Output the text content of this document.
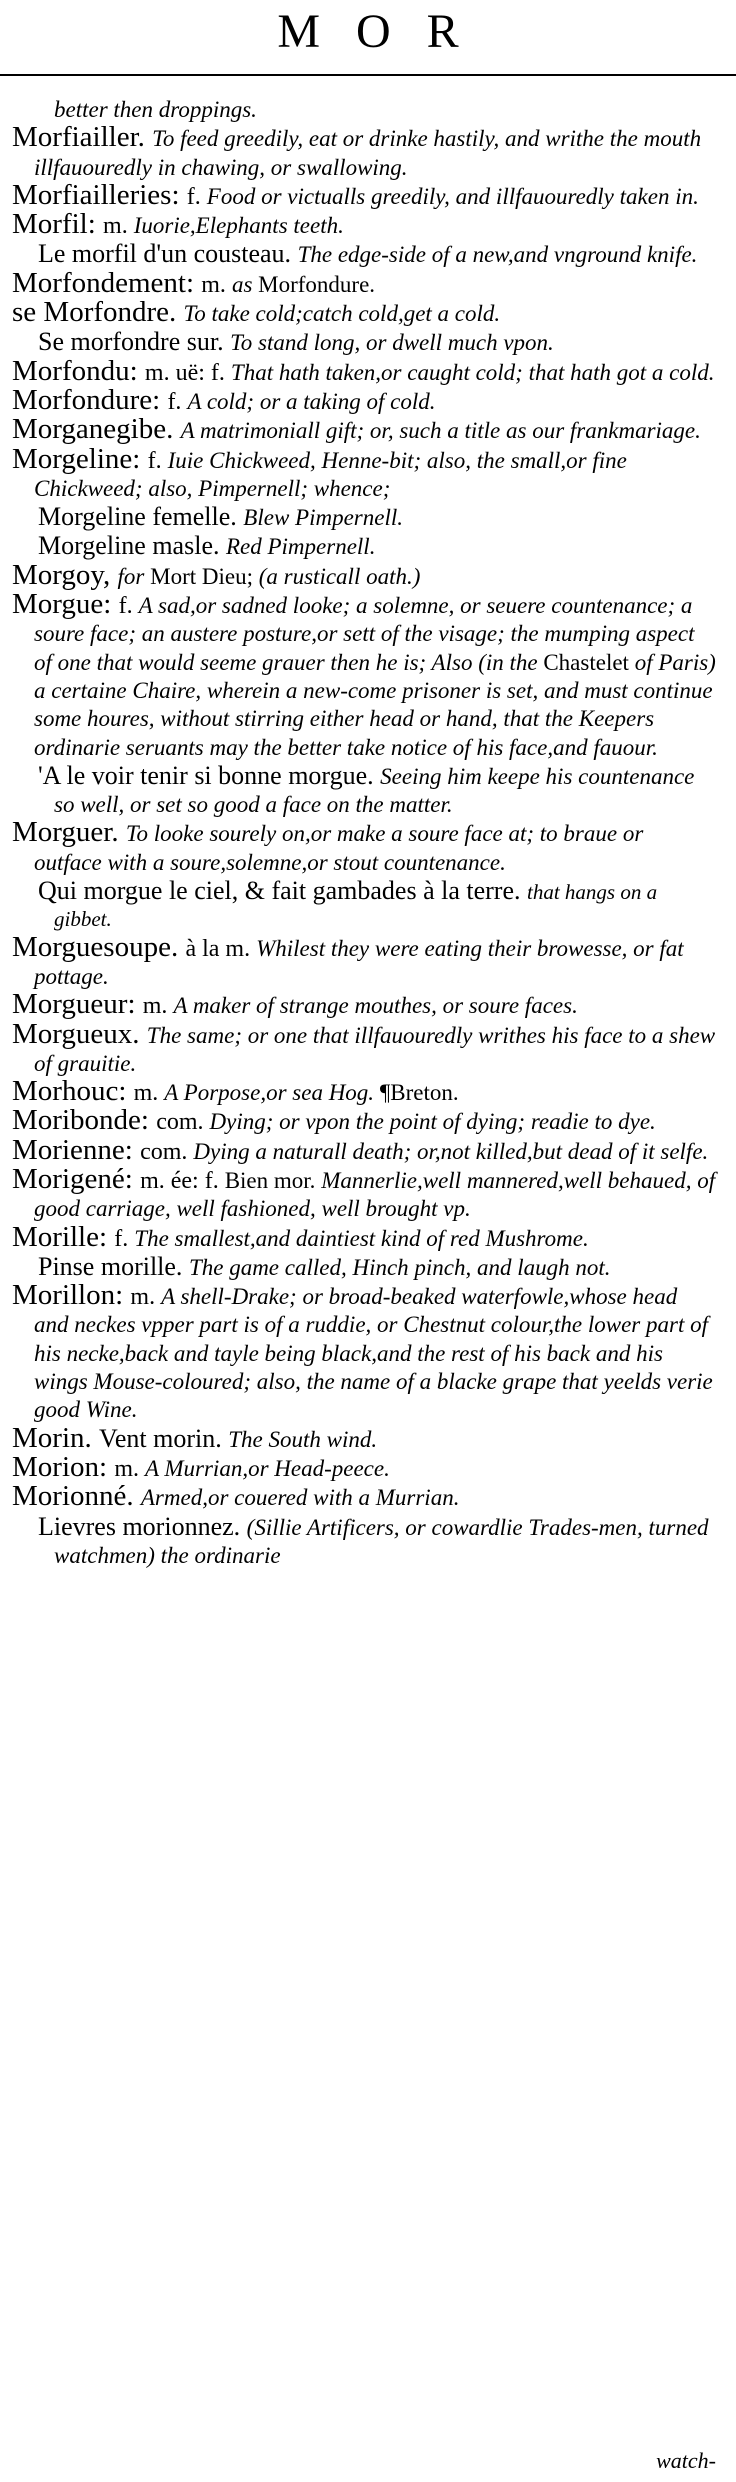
MOR

better then droppings.

Morfiailler. To feed greedily, eat or drinke hastily, and writhe the mouth illfauouredly in chawing, or swallowing.

Morfiailleries: f. Food or victualls greedily, and illfauouredly taken in.

Morfil: m. Iuorie,Elephants teeth.

Le morfil d'un cousteau. The edge-side of a new,and vnground knife.

Morfondement: m. as Morfondure.

se Morfondre. To take cold;catch cold,get a cold.

Se morfondre sur. To stand long, or dwell much vpon.

Morfondu: m. uë: f. That hath taken,or caught cold; that hath got a cold.

Morfondure: f. A cold; or a taking of cold.

Morganegibe. A matrimoniall gift; or, such a title as our frankmariage.

Morgeline: f. Iuie Chickweed, Henne-bit; also, the small,or fine Chickweed; also, Pimpernell; whence;

Morgeline femelle. Blew Pimpernell.

Morgeline masle. Red Pimpernell.

Morgoy, for Mort Dieu; (a rusticall oath.)

Morgue: f. A sad,or sadned looke; a solemne, or seuere countenance; a soure face; an austere posture,or sett of the visage; the mumping aspect of one that would seeme grauer then he is; Also (in the Chastelet of Paris) a certaine Chaire, wherein a new-come prisoner is set, and must continue some houres, without stirring either head or hand, that the Keepers ordinarie seruants may the better take notice of his face,and fauour.

'A le voir tenir si bonne morgue. Seeing him keepe his countenance so well, or set so good a face on the matter.

Morguer. To looke sourely on,or make a soure face at; to braue or outface with a soure,solemne,or stout countenance.

Qui morgue le ciel, & fait gambades à la terre. that hangs on a gibbet.

Morguesoupe. à la m. Whilest they were eating their browesse, or fat pottage.

Morgueur: m. A maker of strange mouthes, or soure faces.

Morgueux. The same; or one that illfauouredly writhes his face to a shew of grauitie.

Morhouc: m. A Porpose,or sea Hog. ¶Breton.

Moribonde: com. Dying; or vpon the point of dying; readie to dye.

Morienne: com. Dying a naturall death; or,not killed,but dead of it selfe.

Morigené: m. ée: f. Bien mor. Mannerlie,well mannered,well behaued, of good carriage, well fashioned, well brought vp.

Morille: f. The smallest,and daintiest kind of red Mushrome.

Pinse morille. The game called, Hinch pinch, and laugh not.

Morillon: m. A shell-Drake; or broad-beaked waterfowle,whose head and neckes vpper part is of a ruddie, or Chestnut colour,the lower part of his necke,back and tayle being black,and the rest of his back and his wings Mouse-coloured; also, the name of a blacke grape that yeelds verie good Wine.

Morin. Vent morin. The South wind.

Morion: m. A Murrian,or Head-peece.

Morionné. Armed,or couered with a Murrian.

Lievres morionnez. (Sillie Artificers, or cowardlie Trades-men, turned watchmen) the ordinarie

watch-
